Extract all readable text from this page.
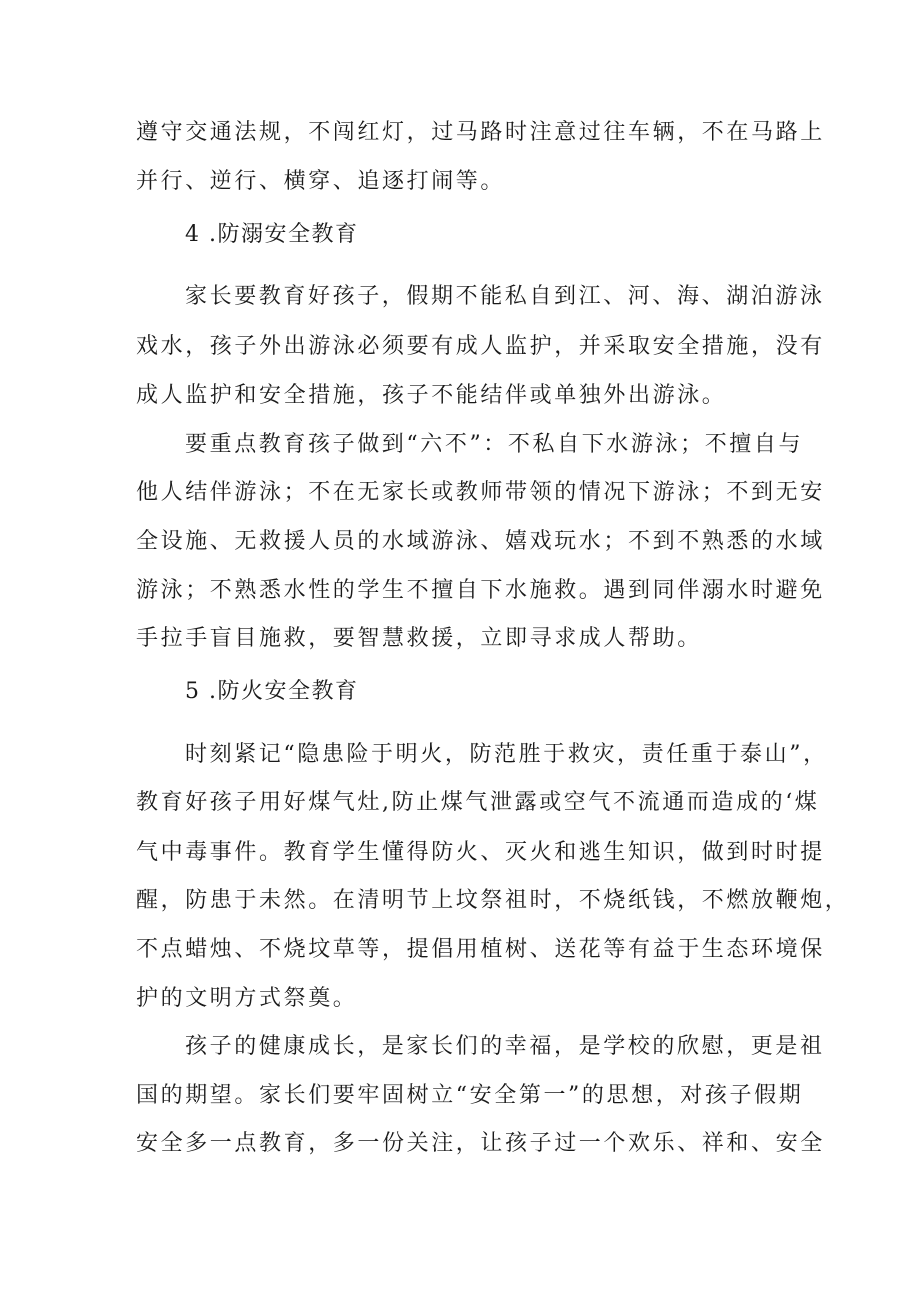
遵守交通法规，不闯红灯，过马路时注意过往车辆，不在马路上
并行、逆行、横穿、追逐打闹等。
4 .防溺安全教育
家长要教育好孩子，假期不能私自到江、河、海、湖泊游泳
戏水，孩子外出游泳必须要有成人监护，并采取安全措施，没有
成人监护和安全措施，孩子不能结伴或单独外出游泳。
要重点教育孩子做到“六不”：不私自下水游泳；不擅自与
他人结伴游泳；不在无家长或教师带领的情况下游泳；不到无安
全设施、无救援人员的水域游泳、嬉戏玩水；不到不熟悉的水域
游泳；不熟悉水性的学生不擅自下水施救。遇到同伴溺水时避免
手拉手盲目施救，要智慧救援，立即寻求成人帮助。
5 .防火安全教育
时刻紧记“隐患险于明火，防范胜于救灾，责任重于泰山”，
教育好孩子用好煤气灶,防止煤气泄露或空气不流通而造成的‘煤
气中毒事件。教育学生懂得防火、灭火和逃生知识，做到时时提
醒，防患于未然。在清明节上坟祭祖时，不烧纸钱，不燃放鞭炮，
不点蜡烛、不烧坟草等，提倡用植树、送花等有益于生态环境保
护的文明方式祭奠。
孩子的健康成长，是家长们的幸福，是学校的欣慰，更是祖
国的期望。家长们要牢固树立“安全第一”的思想，对孩子假期
安全多一点教育，多一份关注，让孩子过一个欢乐、祥和、安全
